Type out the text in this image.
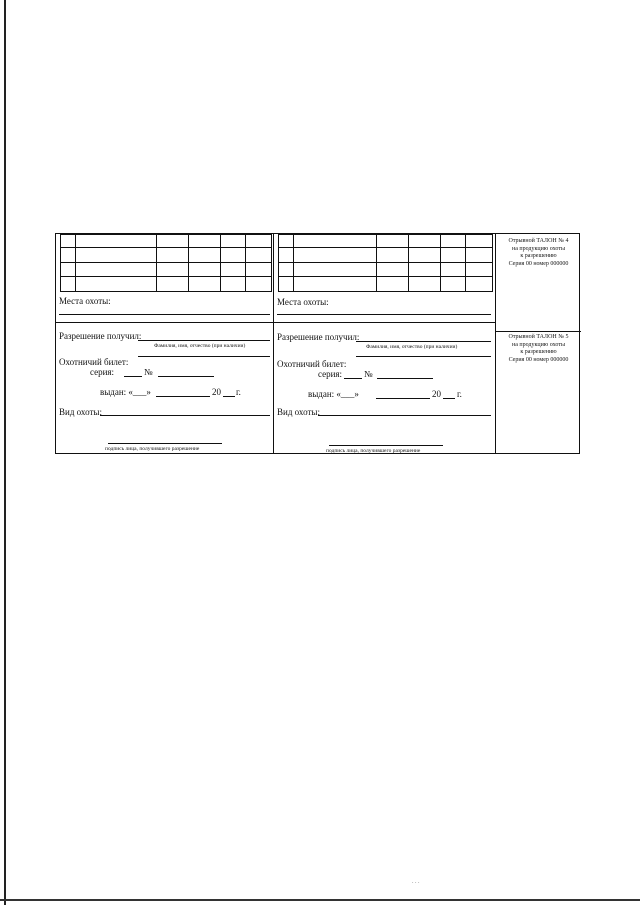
. . .

Места охоты:
Разрешение получил:
Фамилия, имя, отчество (при наличии)
Охотничий билет:
серия:	№
выдан: «___»	20 г.
Вид охоты:
подпись лица, получившего разрешение

Места охоты:
Разрешение получил:
Фамилия, имя, отчество (при наличии)
Охотничий билет:
серия: №
выдан: «___»	20 г.
Вид охоты:
подпись лица, получившего разрешение
Отрывной ТАЛОН № 4
на продукцию охоты
к разрешению
Серия 00 номер 000000
Отрывной ТАЛОН № 5
на продукцию охоты
к разрешению
Серия 00 номер 000000
